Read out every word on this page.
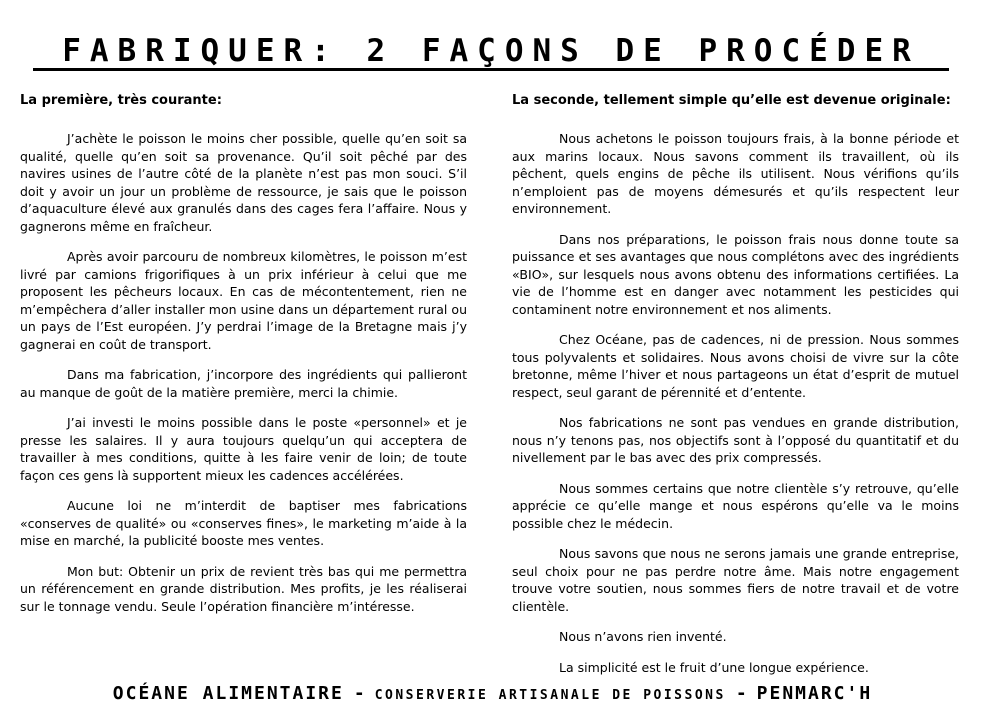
FABRIQUER: 2 FAÇONS DE PROCÉDER
La première, très courante:

J’achète le poisson le moins cher possible, quelle qu’en soit sa qualité, quelle qu’en soit sa provenance. Qu’il soit pêché par des navires usines de l’autre côté de la planète n’est pas mon souci. S’il doit y avoir un jour un problème de ressource, je sais que le poisson d’aquaculture élevé aux granulés dans des cages fera l’affaire. Nous y gagnerons même en fraîcheur.

Après avoir parcouru de nombreux kilomètres, le poisson m’est livré par camions frigorifiques à un prix inférieur à celui que me proposent les pêcheurs locaux. En cas de mécontentement, rien ne m’empêchera d’aller installer mon usine dans un département rural ou un pays de l’Est européen. J’y perdrai l’image de la Bretagne mais j’y gagnerai en coût de transport.

Dans ma fabrication, j’incorpore des ingrédients qui pallieront au manque de goût de la matière première, merci la chimie.

J’ai investi le moins possible dans le poste «personnel» et je presse les salaires. Il y aura toujours quelqu’un qui acceptera de travailler à mes conditions, quitte à les faire venir de loin; de toute façon ces gens là supportent mieux les cadences accélérées.

Aucune loi ne m’interdit de baptiser mes fabrications «conserves de qualité» ou «conserves fines», le marketing m’aide à la mise en marché, la publicité booste mes ventes.

Mon but: Obtenir un prix de revient très bas qui me permettra un référencement en grande distribution. Mes profits, je les réaliserai sur le tonnage vendu. Seule l’opération financière m’intéresse.

La seconde, tellement simple qu’elle est devenue originale:

Nous achetons le poisson toujours frais, à la bonne période et aux marins locaux. Nous savons comment ils travaillent, où ils pêchent, quels engins de pêche ils utilisent. Nous vérifions qu’ils n’emploient pas de moyens démesurés et qu’ils respectent leur environnement.

Dans nos préparations, le poisson frais nous donne toute sa puissance et ses avantages que nous complétons avec des ingrédients «BIO», sur lesquels nous avons obtenu des informations certifiées. La vie de l’homme est en danger avec notamment les pesticides qui contaminent notre environnement et nos aliments.

Chez Océane, pas de cadences, ni de pression. Nous sommes tous polyvalents et solidaires. Nous avons choisi de vivre sur la côte bretonne, même l’hiver et nous partageons un état d’esprit de mutuel respect, seul garant de pérennité et d’entente.

Nos fabrications ne sont pas vendues en grande distribution, nous n’y tenons pas, nos objectifs sont à l’opposé du quantitatif et du nivellement par le bas avec des prix compressés.

Nous sommes certains que notre clientèle s’y retrouve, qu’elle apprécie ce qu’elle mange et nous espérons qu’elle va le moins possible chez le médecin.

Nous savons que nous ne serons jamais une grande entreprise, seul choix pour ne pas perdre notre âme. Mais notre engagement trouve votre soutien, nous sommes fiers de notre travail et de votre clientèle.

Nous n’avons rien inventé.

La simplicité est le fruit d’une longue expérience.

OCÉANE ALIMENTAIRE - CONSERVERIE ARTISANALE DE POISSONS - PENMARC'H
